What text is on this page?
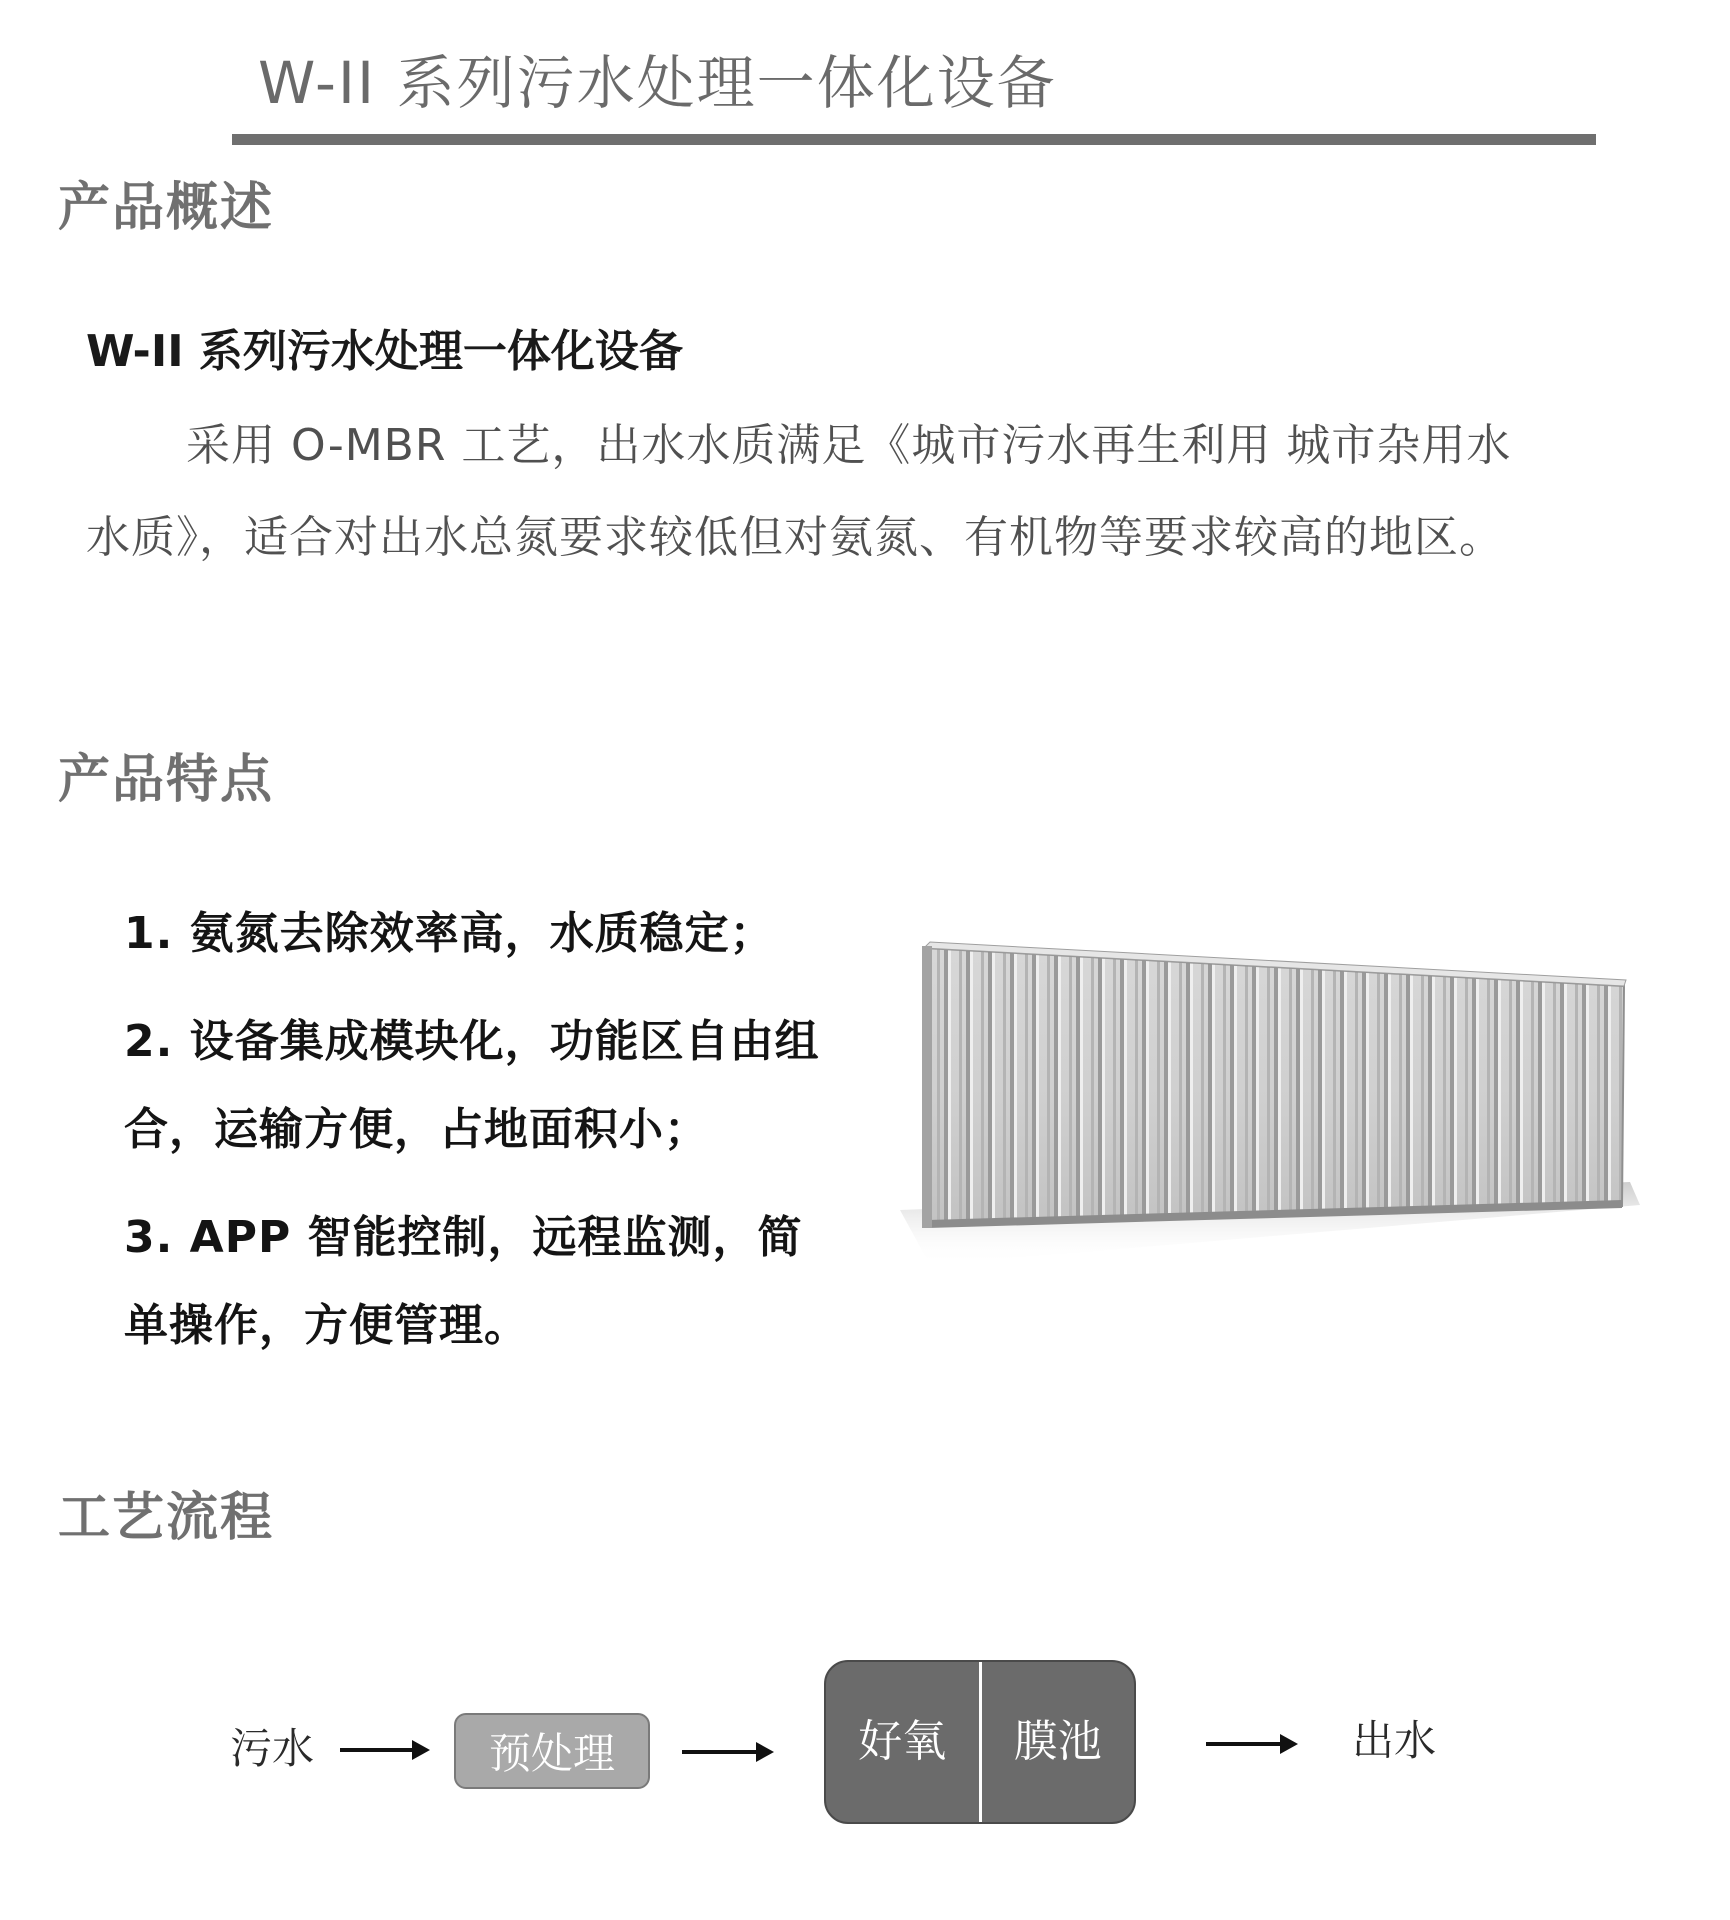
W-II 系列污水处理一体化设备
产品概述
W-II 系列污水处理一体化设备

采用 O-MBR 工艺，出水水质满足《城市污水再生利用 城市杂用水水质》，适合对出水总氮要求较低但对氨氮、有机物等要求较高的地区。

产品特点
1. 氨氮去除效率高，水质稳定；
2. 设备集成模块化，功能区自由组合，运输方便，占地面积小；
3. APP 智能控制，远程监测，简单操作，方便管理。
工艺流程
污水	预处理	好氧	膜池	出水
